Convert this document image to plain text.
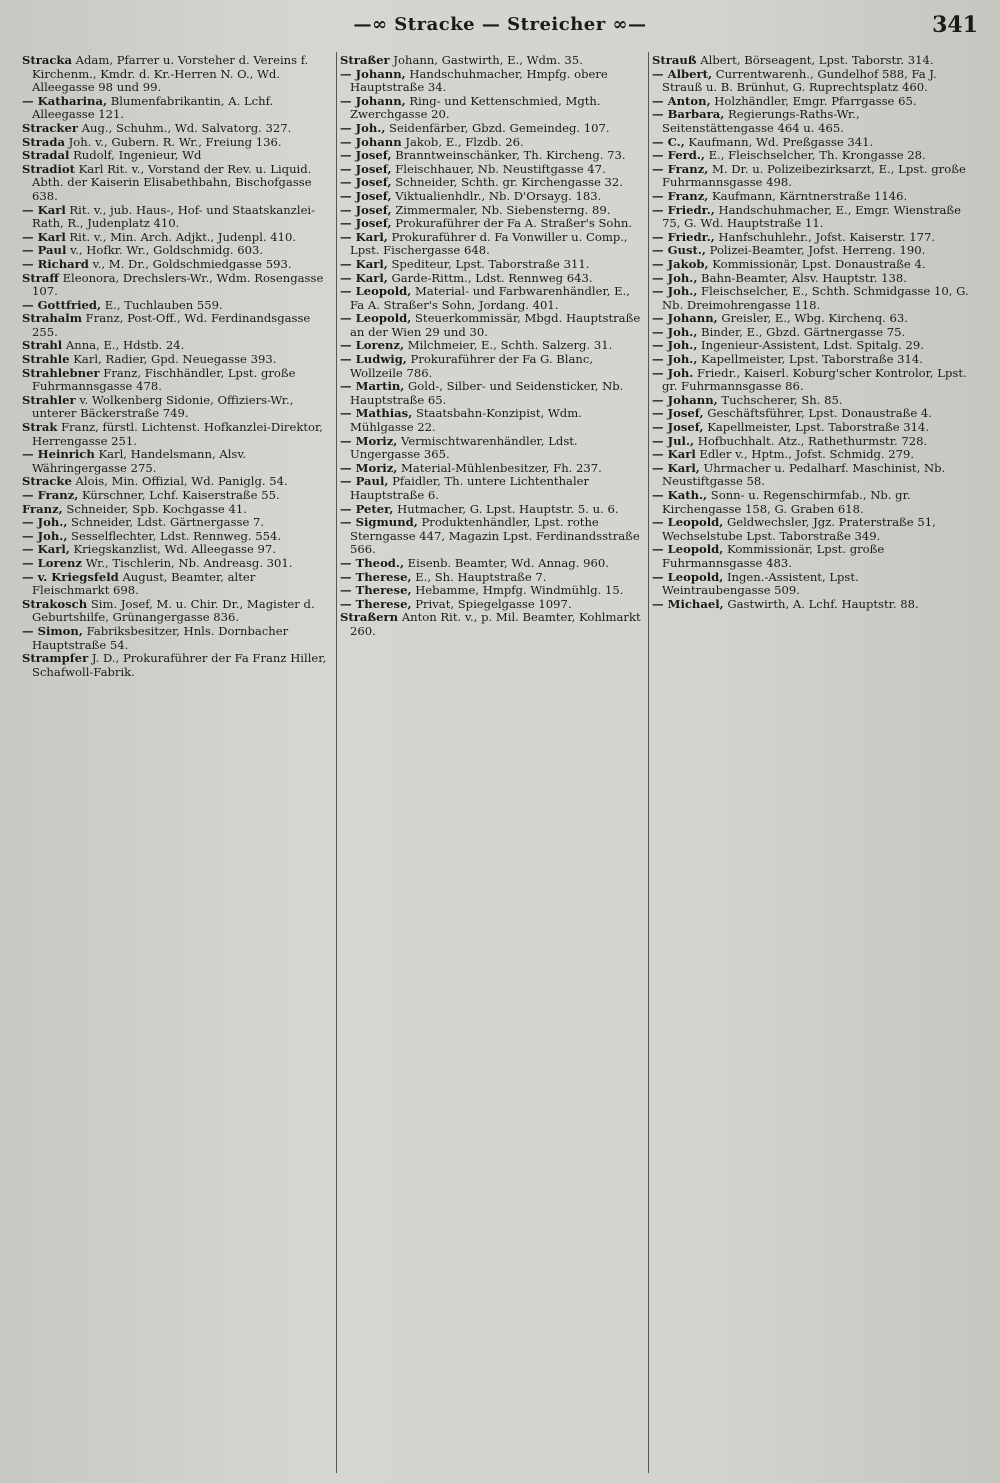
—∞ Stracke — Streicher ∞—	341

Stracka Adam, Pfarrer u. Vorsteher d. Vereins f. Kirchenm., Kmdr. d. Kr.-Herren N. O., Wd. Alleegasse 98 und 99.

— Katharina, Blumenfabrikantin, A. Lchf. Alleegasse 121.

Stracker Aug., Schuhm., Wd. Salvatorg. 327.

Strada Joh. v., Gubern. R. Wr., Freiung 136.

Stradal Rudolf, Ingenieur, Wd

Stradiot Karl Rit. v., Vorstand der Rev. u. Liquid. Abth. der Kaiserin Elisabethbahn, Bischofgasse 638.

— Karl Rit. v., jub. Haus-, Hof- und Staatskanzlei-Rath, R., Judenplatz 410.

— Karl Rit. v., Min. Arch. Adjkt., Judenpl. 410.

— Paul v., Hofkr. Wr., Goldschmidg. 603.

— Richard v., M. Dr., Goldschmiedgasse 593.

Straff Eleonora, Drechslers-Wr., Wdm. Rosengasse 107.

— Gottfried, E., Tuchlauben 559.

Strahalm Franz, Post-Off., Wd. Ferdinandsgasse 255.

Strahl Anna, E., Hdstb. 24.

Strahle Karl, Radier, Gpd. Neuegasse 393.

Strahlebner Franz, Fischhändler, Lpst. große Fuhrmannsgasse 478.

Strahler v. Wolkenberg Sidonie, Offiziers-Wr., unterer Bäckerstraße 749.

Strak Franz, fürstl. Lichtenst. Hofkanzlei-Direktor, Herrengasse 251.

— Heinrich Karl, Handelsmann, Alsv. Währingergasse 275.

Stracke Alois, Min. Offizial, Wd. Paniglg. 54.

— Franz, Kürschner, Lchf. Kaiserstraße 55.

Franz, Schneider, Spb. Kochgasse 41.

— Joh., Schneider, Ldst. Gärtnergasse 7.

— Joh., Sesselflechter, Ldst. Rennweg. 554.

— Karl, Kriegskanzlist, Wd. Alleegasse 97.

— Lorenz Wr., Tischlerin, Nb. Andreasg. 301.

— v. Kriegsfeld August, Beamter, alter Fleischmarkt 698.

Strakosch Sim. Josef, M. u. Chir. Dr., Magister d. Geburtshilfe, Grünangergasse 836.

— Simon, Fabriksbesitzer, Hnls. Dornbacher Hauptstraße 54.

Strampfer J. D., Prokuraführer der Fa Franz Hiller, Schafwoll-Fabrik.

Straßer Johann, Gastwirth, E., Wdm. 35.

— Johann, Handschuhmacher, Hmpfg. obere Hauptstraße 34.

— Johann, Ring- und Kettenschmied, Mgth. Zwerchgasse 20.

— Joh., Seidenfärber, Gbzd. Gemeindeg. 107.

— Johann Jakob, E., Flzdb. 26.

— Josef, Branntweinschänker, Th. Kircheng. 73.

— Josef, Fleischhauer, Nb. Neustiftgasse 47.

— Josef, Schneider, Schth. gr. Kirchengasse 32.

— Josef, Viktualienhdlr., Nb. D'Orsayg. 183.

— Josef, Zimmermaler, Nb. Siebensterng. 89.

— Josef, Prokuraführer der Fa A. Straßer's Sohn.

— Karl, Prokuraführer d. Fa Vonwiller u. Comp., Lpst. Fischergasse 648.

— Karl, Spediteur, Lpst. Taborstraße 311.

— Karl, Garde-Rittm., Ldst. Rennweg 643.

— Leopold, Material- und Farbwarenhändler, E., Fa A. Straßer's Sohn, Jordang. 401.

— Leopold, Steuerkommissär, Mbgd. Hauptstraße an der Wien 29 und 30.

— Lorenz, Milchmeier, E., Schth. Salzerg. 31.

— Ludwig, Prokuraführer der Fa G. Blanc, Wollzeile 786.

— Martin, Gold-, Silber- und Seidensticker, Nb. Hauptstraße 65.

— Mathias, Staatsbahn-Konzipist, Wdm. Mühlgasse 22.

— Moriz, Vermischtwarenhändler, Ldst. Ungergasse 365.

— Moriz, Material-Mühlenbesitzer, Fh. 237.

— Paul, Pfaidler, Th. untere Lichtenthaler Hauptstraße 6.

— Peter, Hutmacher, G. Lpst. Hauptstr. 5. u. 6.

— Sigmund, Produktenhändler, Lpst. rothe Sterngasse 447, Magazin Lpst. Ferdinandsstraße 566.

— Theod., Eisenb. Beamter, Wd. Annag. 960.

— Therese, E., Sh. Hauptstraße 7.

— Therese, Hebamme, Hmpfg. Windmühlg. 15.

— Therese, Privat, Spiegelgasse 1097.

Straßern Anton Rit. v., p. Mil. Beamter, Kohlmarkt 260.

Strauß Albert, Börseagent, Lpst. Taborstr. 314.

— Albert, Currentwarenh., Gundelhof 588, Fa J. Strauß u. B. Brünhut, G. Ruprechtsplatz 460.

— Anton, Holzhändler, Emgr. Pfarrgasse 65.

— Barbara, Regierungs-Raths-Wr., Seitenstättengasse 464 u. 465.

— C., Kaufmann, Wd. Preßgasse 341.

— Ferd., E., Fleischselcher, Th. Krongasse 28.

— Franz, M. Dr. u. Polizeibezirksarzt, E., Lpst. große Fuhrmannsgasse 498.

— Franz, Kaufmann, Kärntnerstraße 1146.

— Friedr., Handschuhmacher, E., Emgr. Wienstraße 75, G. Wd. Hauptstraße 11.

— Friedr., Hanfschuhlehr., Jofst. Kaiserstr. 177.

— Gust., Polizei-Beamter, Jofst. Herreng. 190.

— Jakob, Kommissionär, Lpst. Donaustraße 4.

— Joh., Bahn-Beamter, Alsv. Hauptstr. 138.

— Joh., Fleischselcher, E., Schth. Schmidgasse 10, G. Nb. Dreimohrengasse 118.

— Johann, Greisler, E., Wbg. Kirchenq. 63.

— Joh., Binder, E., Gbzd. Gärtnergasse 75.

— Joh., Ingenieur-Assistent, Ldst. Spitalg. 29.

— Joh., Kapellmeister, Lpst. Taborstraße 314.

— Joh. Friedr., Kaiserl. Koburg'scher Kontrolor, Lpst. gr. Fuhrmannsgasse 86.

— Johann, Tuchscherer, Sh. 85.

— Josef, Geschäftsführer, Lpst. Donaustraße 4.

— Josef, Kapellmeister, Lpst. Taborstraße 314.

— Jul., Hofbuchhalt. Atz., Rathethurmstr. 728.

— Karl Edler v., Hptm., Jofst. Schmidg. 279.

— Karl, Uhrmacher u. Pedalharf. Maschinist, Nb. Neustiftgasse 58.

— Kath., Sonn- u. Regenschirmfab., Nb. gr. Kirchengasse 158, G. Graben 618.

— Leopold, Geldwechsler, Jgz. Praterstraße 51, Wechselstube Lpst. Taborstraße 349.

— Leopold, Kommissionär, Lpst. große Fuhrmannsgasse 483.

— Leopold, Ingen.-Assistent, Lpst. Weintraubengasse 509.

— Michael, Gastwirth, A. Lchf. Hauptstr. 88.
